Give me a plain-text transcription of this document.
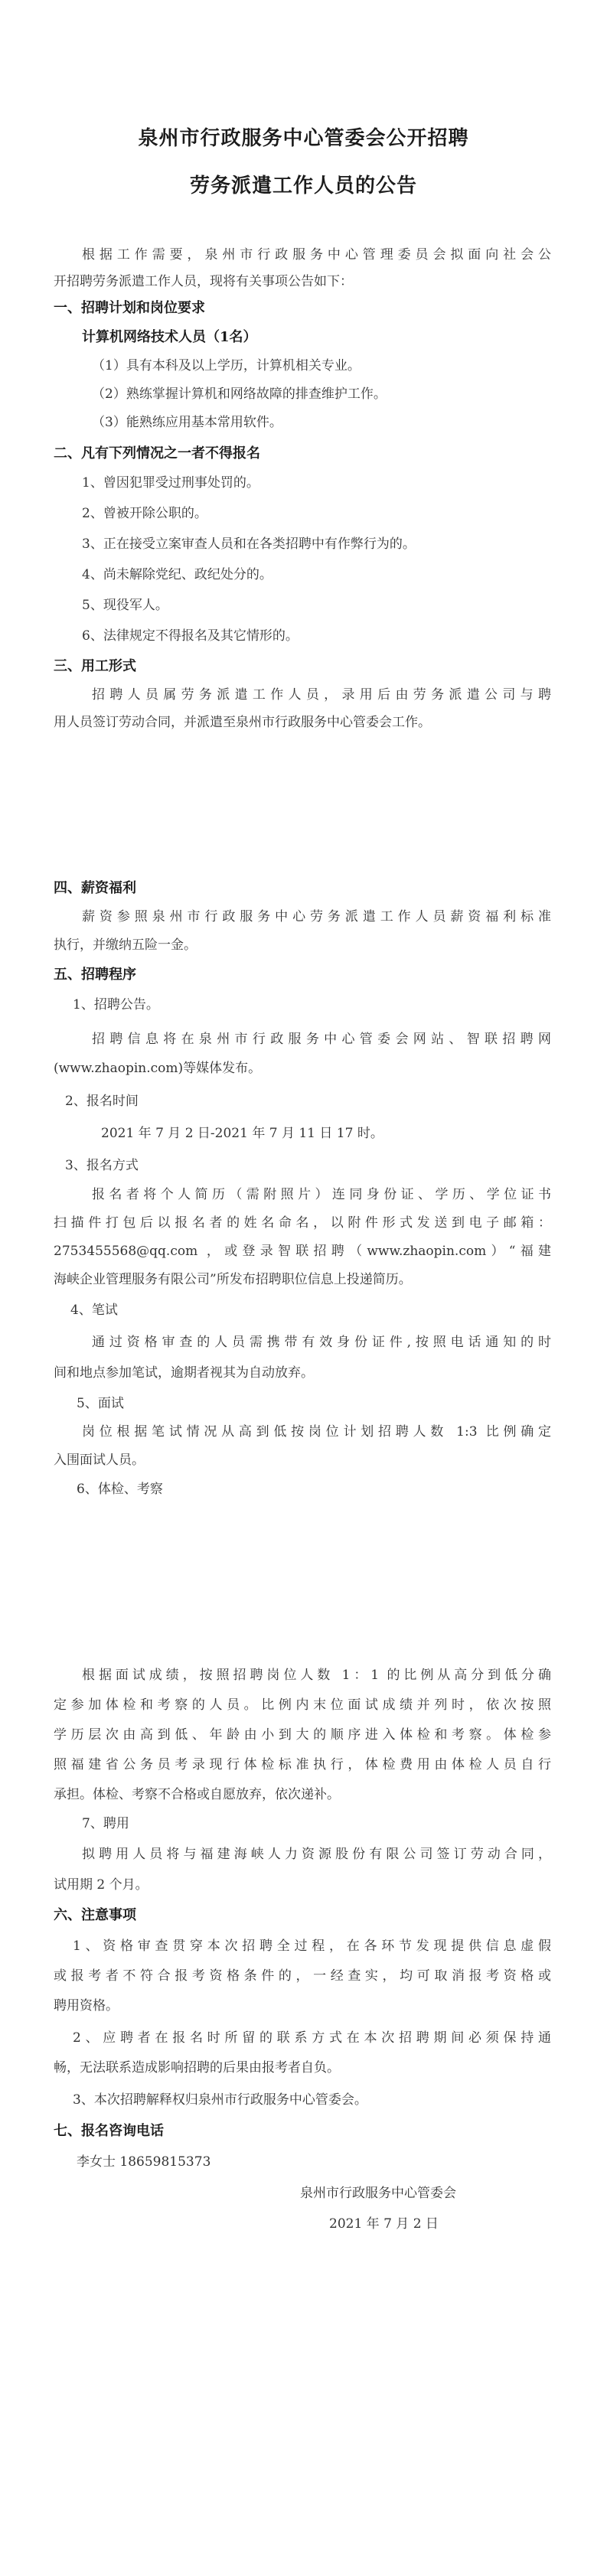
泉州市行政服务中心管委会公开招聘
劳务派遣工作人员的公告
根据工作需要，泉州市行政服务中心管理委员会拟面向社会公
开招聘劳务派遣工作人员，现将有关事项公告如下：
一、招聘计划和岗位要求
计算机网络技术人员（1名）
（1）具有本科及以上学历，计算机相关专业。
（2）熟练掌握计算机和网络故障的排查维护工作。
（3）能熟练应用基本常用软件。
二、凡有下列情况之一者不得报名
1、曾因犯罪受过刑事处罚的。
2、曾被开除公职的。
3、正在接受立案审查人员和在各类招聘中有作弊行为的。
4、尚未解除党纪、政纪处分的。
5、现役军人。
6、法律规定不得报名及其它情形的。
三、用工形式
招聘人员属劳务派遣工作人员，录用后由劳务派遣公司与聘
用人员签订劳动合同，并派遣至泉州市行政服务中心管委会工作。
四、薪资福利
薪资参照泉州市行政服务中心劳务派遣工作人员薪资福利标准
执行，并缴纳五险一金。
五、招聘程序
1、招聘公告。
招聘信息将在泉州市行政服务中心管委会网站、智联招聘网
(www.zhaopin.com)等媒体发布。
2、报名时间
2021 年 7 月 2 日-2021 年 7 月 11 日 17 时。
3、报名方式
报名者将个人简历（需附照片）连同身份证、学历、学位证书
扫描件打包后以报名者的姓名命名，以附件形式发送到电子邮箱：
2753455568@qq.com ，或登录智联招聘（www.zhaopin.com）“福建
海峡企业管理服务有限公司”所发布招聘职位信息上投递简历。
4、笔试
通过资格审查的人员需携带有效身份证件,按照电话通知的时
间和地点参加笔试，逾期者视其为自动放弃。
5、面试
岗位根据笔试情况从高到低按岗位计划招聘人数 1:3 比例确定
入围面试人员。
6、体检、考察
根据面试成绩，按照招聘岗位人数 1：1 的比例从高分到低分确
定参加体检和考察的人员。比例内末位面试成绩并列时，依次按照
学历层次由高到低、年龄由小到大的顺序进入体检和考察。体检参
照福建省公务员考录现行体检标准执行，体检费用由体检人员自行
承担。体检、考察不合格或自愿放弃，依次递补。
7、聘用
拟聘用人员将与福建海峡人力资源股份有限公司签订劳动合同，
试用期 2 个月。
六、注意事项
1、资格审查贯穿本次招聘全过程，在各环节发现提供信息虚假
或报考者不符合报考资格条件的，一经查实，均可取消报考资格或
聘用资格。
2、应聘者在报名时所留的联系方式在本次招聘期间必须保持通
畅，无法联系造成影响招聘的后果由报考者自负。
3、本次招聘解释权归泉州市行政服务中心管委会。
七、报名咨询电话
李女士 18659815373
泉州市行政服务中心管委会
2021 年 7 月 2 日
